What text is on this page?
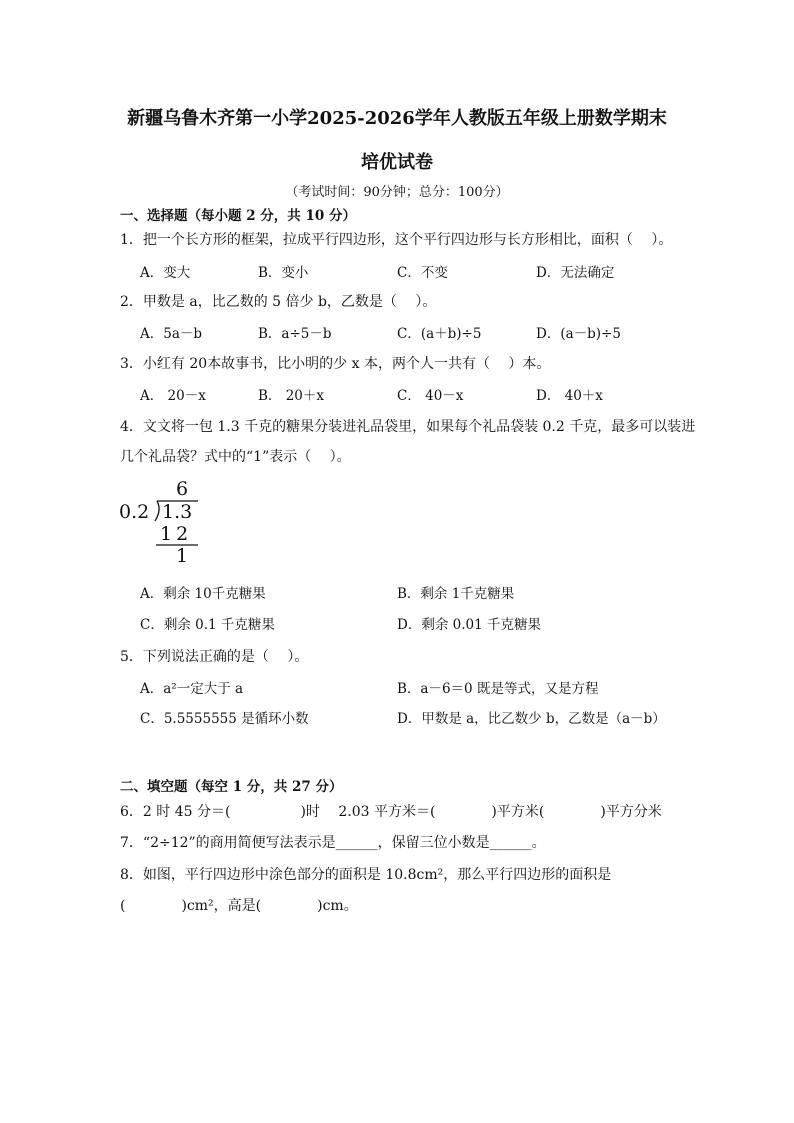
新疆乌鲁木齐第一小学2025-2026学年人教版五年级上册数学期末
培优试卷
（考试时间：90分钟；总分：100分）
一、选择题（每小题 2 分，共 10 分）
1．把一个长方形的框架，拉成平行四边形，这个平行四边形与长方形相比，面积（　 ）。
A．变大	B．变小	C．不变	D．无法确定
2．甲数是 a，比乙数的 5 倍少 b，乙数是（　 ）。
A．5a－b	B．a÷5－b	C．(a＋b)÷5	D．(a－b)÷5
3．小红有 20本故事书，比小明的少 x 本，两个人一共有（　 ）本。
A． 20－x	B． 20＋x	C． 40－x	D． 40＋x
4．文文将一包 1.3 千克的糖果分装进礼品袋里，如果每个礼品袋装 0.2 千克，最多可以装进
几个礼品袋？式中的“1”表示（　 ）。
6
0.2 1.3
12
1
A．剩余 10千克糖果	B．剩余 1千克糖果
C．剩余 0.1 千克糖果	D．剩余 0.01 千克糖果
5．下列说法正确的是（　 ）。
A．a²一定大于 a	B．a－6＝0 既是等式，又是方程
C．5.5555555 是循环小数	D．甲数是 a，比乙数少 b，乙数是（a－b）
二、填空题（每空 1 分，共 27 分）
6．2 时 45 分＝(　　　　　)时　 2.03 平方米＝(　　　　)平方米(　　　　)平方分米
7．“2÷12”的商用简便写法表示是______，保留三位小数是______。
8．如图，平行四边形中涂色部分的面积是 10.8cm²，那么平行四边形的面积是
(　　　　)cm²，高是(　　　　)cm。
